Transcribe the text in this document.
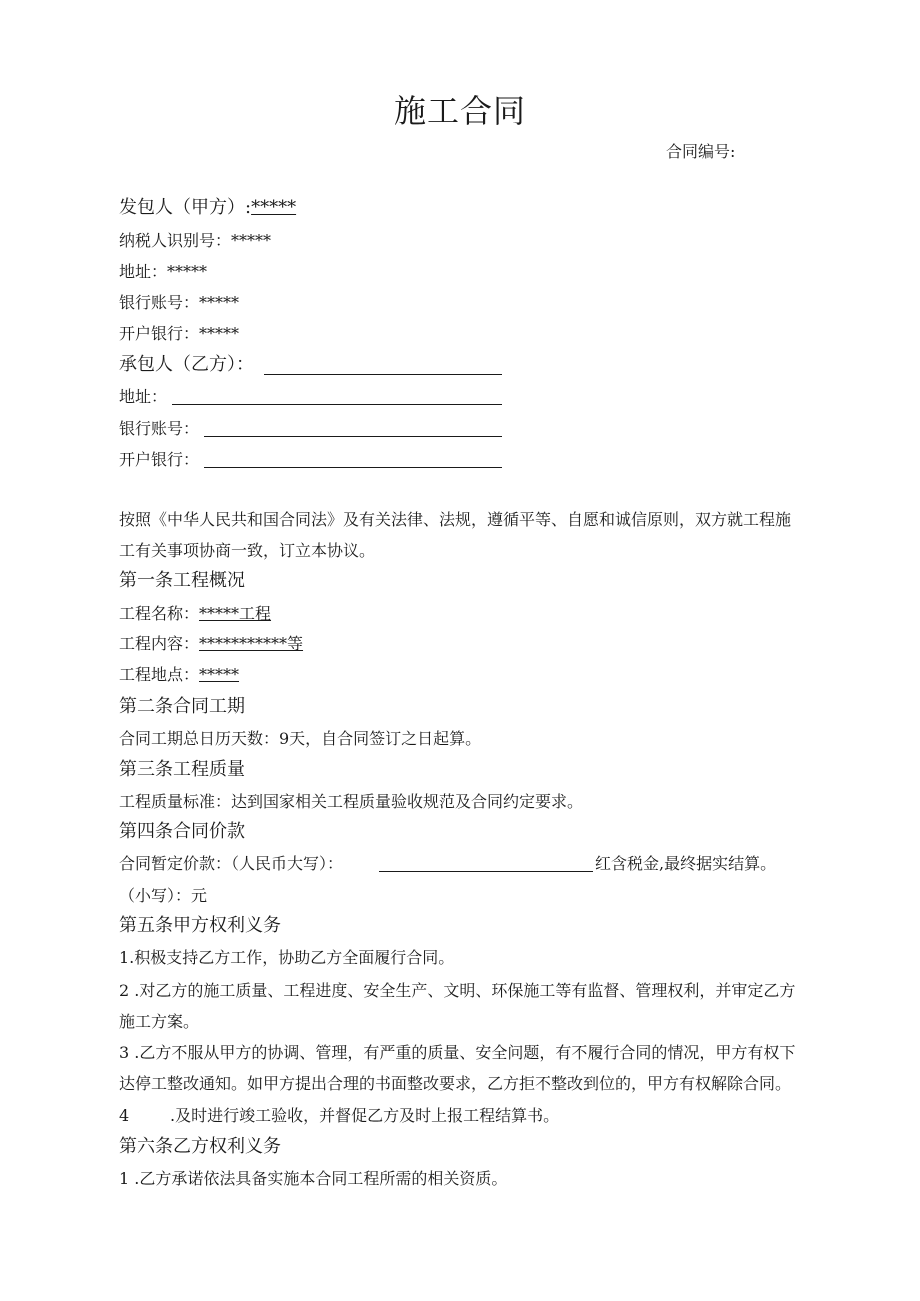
施工合同
合同编号:
发包人（甲方）:*****
纳税人识别号：*****
地址：*****
银行账号：*****
开户银行：*****
承包人（乙方）：
地址：
银行账号：
开户银行：
按照《中华人民共和国合同法》及有关法律、法规，遵循平等、自愿和诚信原则，双方就工程施
工有关事项协商一致，订立本协议。
第一条工程概况
工程名称：*****工程
工程内容：***********等
工程地点：*****
第二条合同工期
合同工期总日历天数：9天，自合同签订之日起算。
第三条工程质量
工程质量标准：达到国家相关工程质量验收规范及合同约定要求。
第四条合同价款
合同暂定价款：（人民币大写）：	红含税金,最终据实结算。
（小写）：元
第五条甲方权利义务
1.积极支持乙方工作，协助乙方全面履行合同。
2 .对乙方的施工质量、工程进度、安全生产、文明、环保施工等有监督、管理权利，并审定乙方
施工方案。
3 .乙方不服从甲方的协调、管理，有严重的质量、安全问题，有不履行合同的情况，甲方有权下
达停工整改通知。如甲方提出合理的书面整改要求，乙方拒不整改到位的，甲方有权解除合同。
4	.及时进行竣工验收，并督促乙方及时上报工程结算书。
第六条乙方权利义务
1 .乙方承诺依法具备实施本合同工程所需的相关资质。
